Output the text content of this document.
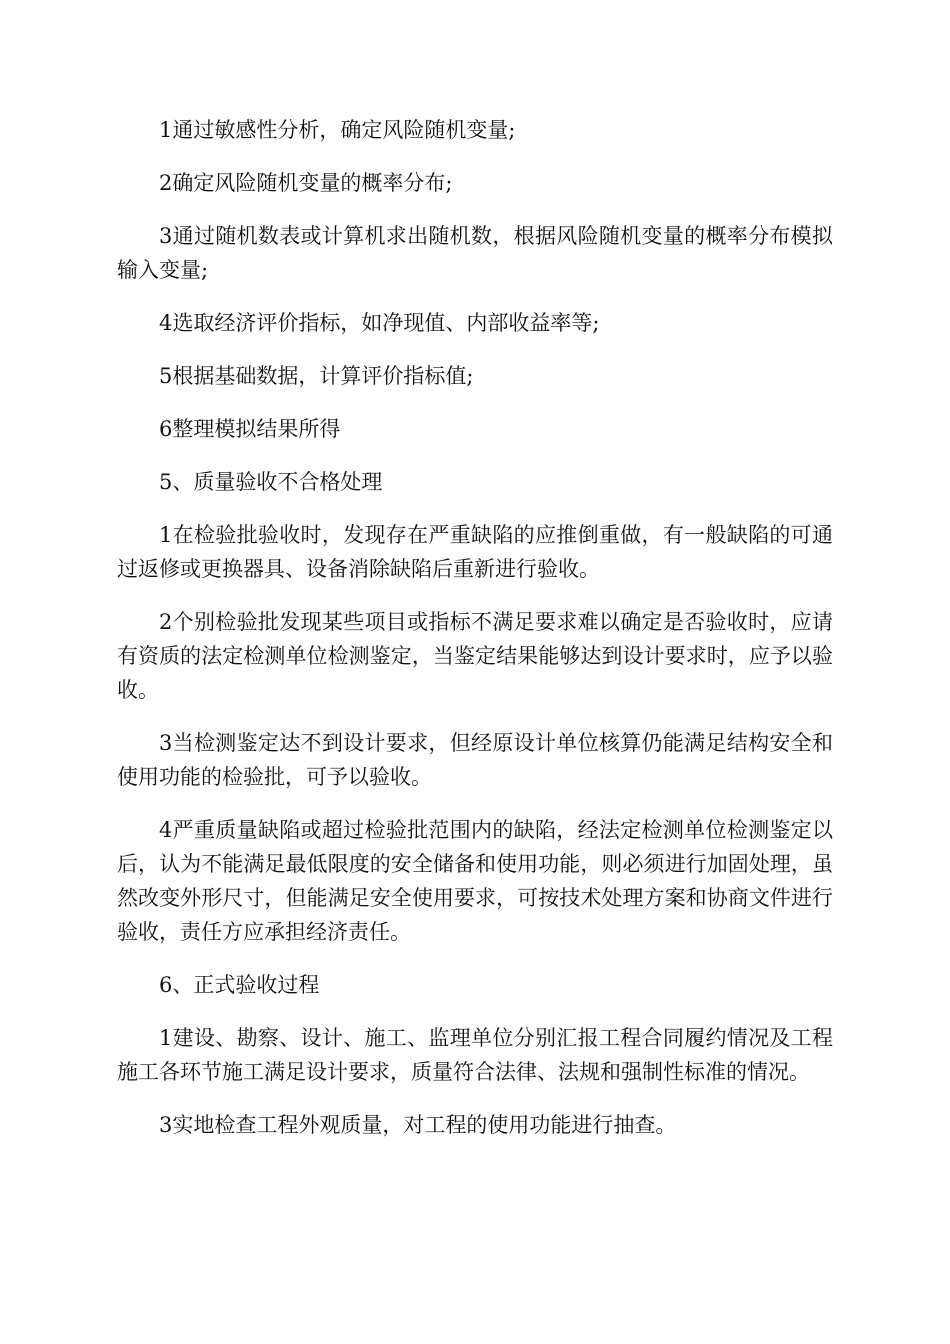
1通过敏感性分析，确定风险随机变量;

2确定风险随机变量的概率分布;

3通过随机数表或计算机求出随机数，根据风险随机变量的概率分布模拟输入变量;

4选取经济评价指标，如净现值、内部收益率等;

5根据基础数据，计算评价指标值;

6整理模拟结果所得

5、质量验收不合格处理

1在检验批验收时，发现存在严重缺陷的应推倒重做，有一般缺陷的可通过返修或更换器具、设备消除缺陷后重新进行验收。

2个别检验批发现某些项目或指标不满足要求难以确定是否验收时，应请有资质的法定检测单位检测鉴定，当鉴定结果能够达到设计要求时，应予以验收。

3当检测鉴定达不到设计要求，但经原设计单位核算仍能满足结构安全和使用功能的检验批，可予以验收。

4严重质量缺陷或超过检验批范围内的缺陷，经法定检测单位检测鉴定以后，认为不能满足最低限度的安全储备和使用功能，则必须进行加固处理，虽然改变外形尺寸，但能满足安全使用要求，可按技术处理方案和协商文件进行验收，责任方应承担经济责任。

6、正式验收过程

1建设、勘察、设计、施工、监理单位分别汇报工程合同履约情况及工程施工各环节施工满足设计要求，质量符合法律、法规和强制性标准的情况。

3实地检查工程外观质量，对工程的使用功能进行抽查。
